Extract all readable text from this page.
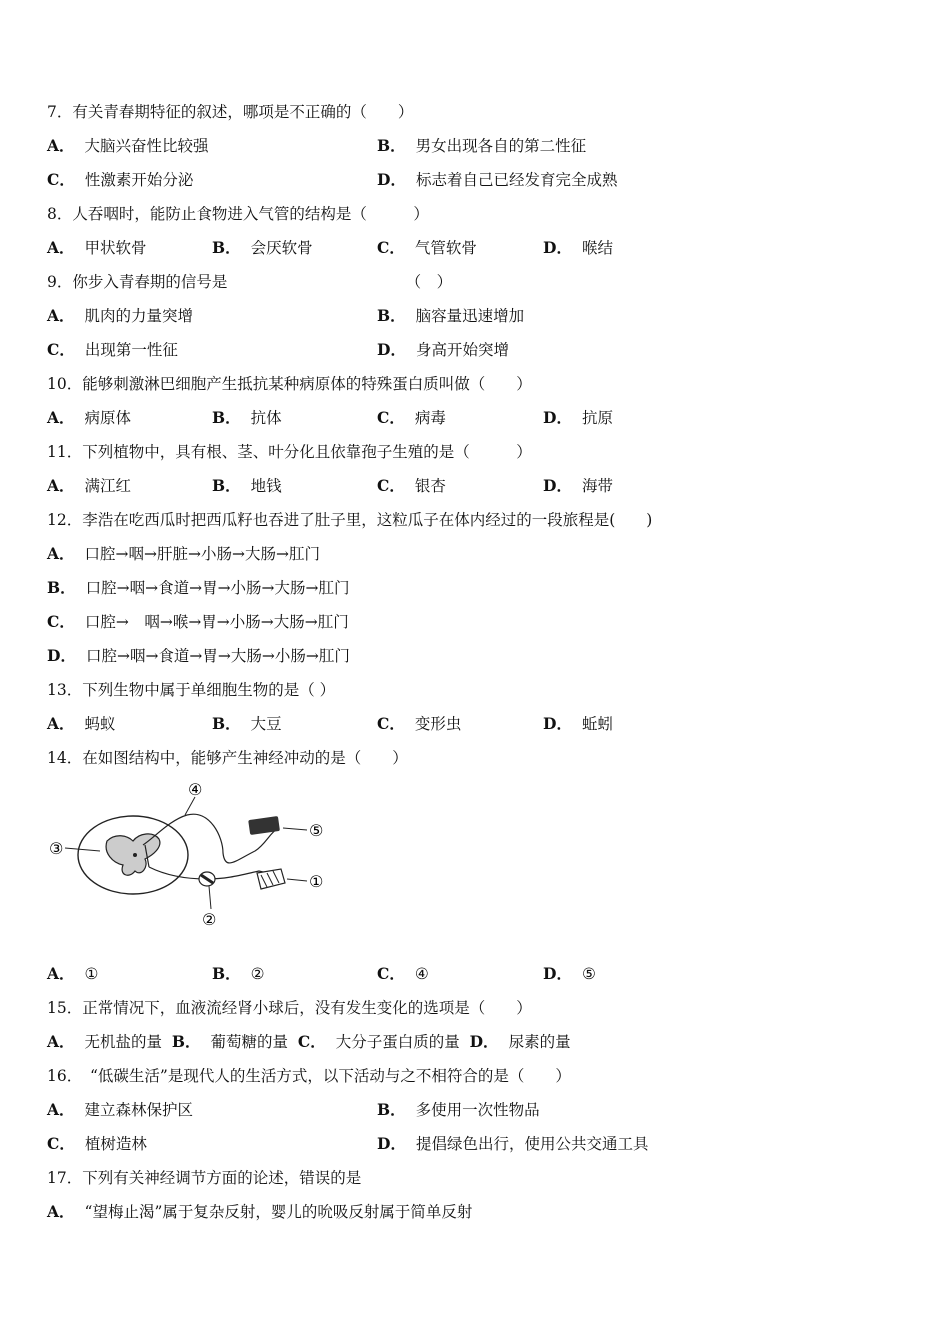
7．有关青春期特征的叙述，哪项是不正确的（　　）
A． 大脑兴奋性比较强	B． 男女出现各自的第二性征
C． 性激素开始分泌	D． 标志着自己已经发育完全成熟
8．人吞咽时，能防止食物进入气管的结构是（　　　）
A． 甲状软骨	B． 会厌软骨	C． 气管软骨	D． 喉结
9．你步入青春期的信号是　　　　　　　　　　　　（　）
A． 肌肉的力量突增	B． 脑容量迅速增加
C． 出现第一性征	D． 身高开始突增
10．能够刺激淋巴细胞产生抵抗某种病原体的特殊蛋白质叫做（　　）
A． 病原体	B． 抗体	C． 病毒	D． 抗原
11．下列植物中，具有根、茎、叶分化且依靠孢子生殖的是（　　　）
A． 满江红	B． 地钱	C． 银杏	D． 海带
12．李浩在吃西瓜时把西瓜籽也吞进了肚子里，这粒瓜子在体内经过的一段旅程是(　　)
A． 口腔→咽→肝脏→小肠→大肠→肛门
B． 口腔→咽→食道→胃→小肠→大肠→肛门
C． 口腔→　咽→喉→胃→小肠→大肠→肛门
D． 口腔→咽→食道→胃→大肠→小肠→肛门
13．下列生物中属于单细胞生物的是（ ）
A． 蚂蚁	B． 大豆	C． 变形虫	D． 蚯蚓
14．在如图结构中，能够产生神经冲动的是（　　）
①
②
③
④
⑤
A． ①	B． ②	C． ④	D． ⑤
15．正常情况下，血液流经肾小球后，没有发生变化的选项是（　　）
A． 无机盐的量 B． 葡萄糖的量 C． 大分子蛋白质的量 D． 尿素的量
16．　“低碳生活”是现代人的生活方式，以下活动与之不相符合的是（　　）
A． 建立森林保护区	B． 多使用一次性物品
C． 植树造林	D． 提倡绿色出行，使用公共交通工具
17．下列有关神经调节方面的论述，错误的是
A． “望梅止渴”属于复杂反射，婴儿的吮吸反射属于简单反射
